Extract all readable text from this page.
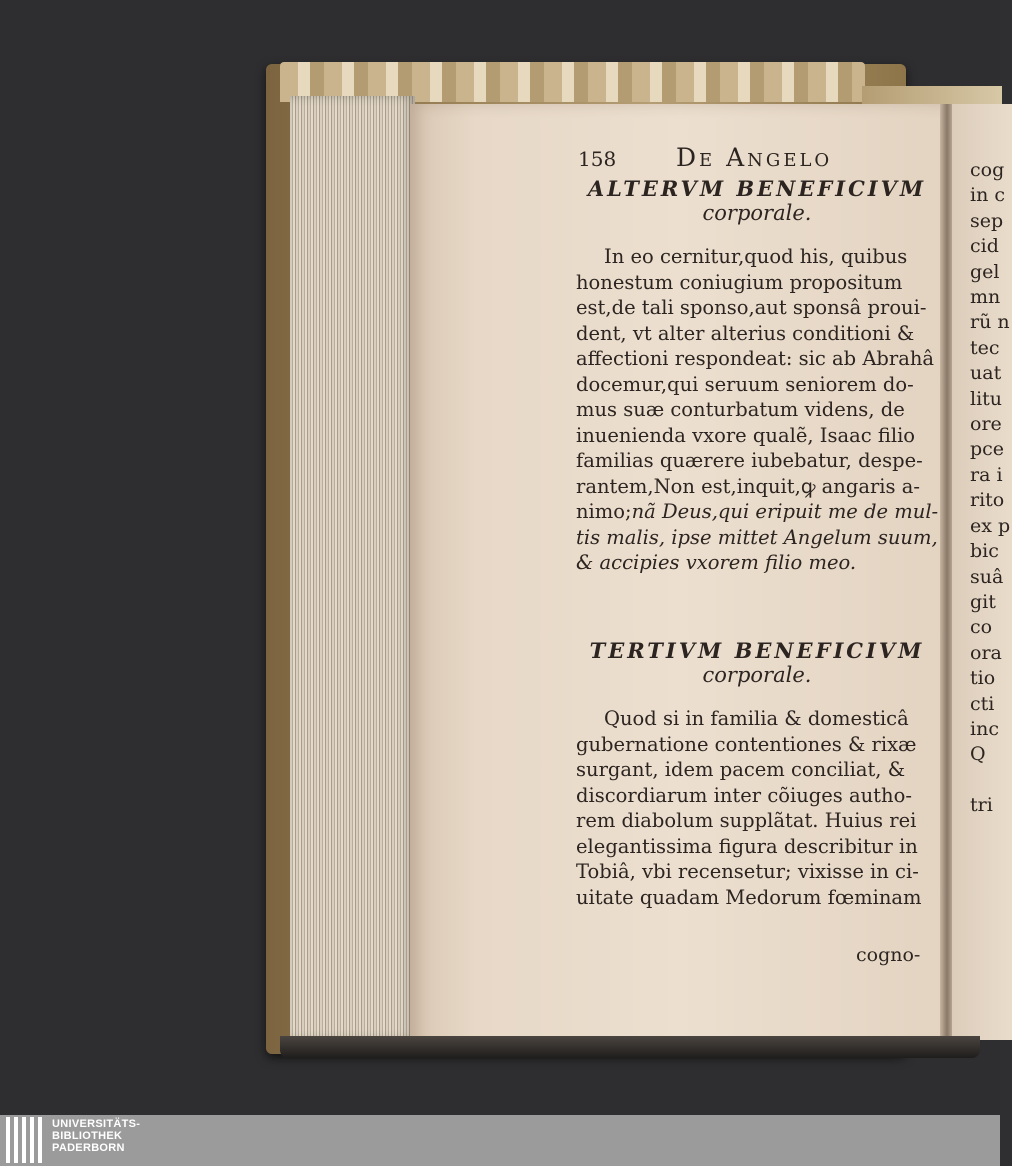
158 De Angelo
ALTERVM BENEFICIVM
corporale.
In eo cernitur,quod his, quibus
honestum coniugium propositum
est,de tali sponso,aut sponsâ proui-
dent, vt alter alterius conditioni &
affectioni respondeat: sic ab Abrahâ
docemur,qui seruum seniorem do-
mus suæ conturbatum videns, de
inuenienda vxore qualẽ, Isaac filio
familias quærere iubebatur, despe-
rantem,Non est,inquit,ꝙ angaris a-
nimo;nã Deus,qui eripuit me de mul-
tis malis, ipse mittet Angelum suum,
& accipies vxorem filio meo.
TERTIVM BENEFICIVM
corporale.
Quod si in familia & domesticâ
gubernatione contentiones & rixæ
surgant, idem pacem conciliat, &
discordiarum inter cõiuges autho-
rem diabolum supplãtat. Huius rei
elegantissima figura describitur in
Tobiâ, vbi recensetur; vixisse in ci-
uitate quadam Medorum fœminam
cogno-
cog
in c
sep
cid
gel
mn
rũ n
tec
uat
litu
ore
pce
ra i
rito
ex p
bic
suâ
git
co
ora
tio
cti
inc
Q

tri
UNIVERSITÄTS-
BIBLIOTHEK
PADERBORN
